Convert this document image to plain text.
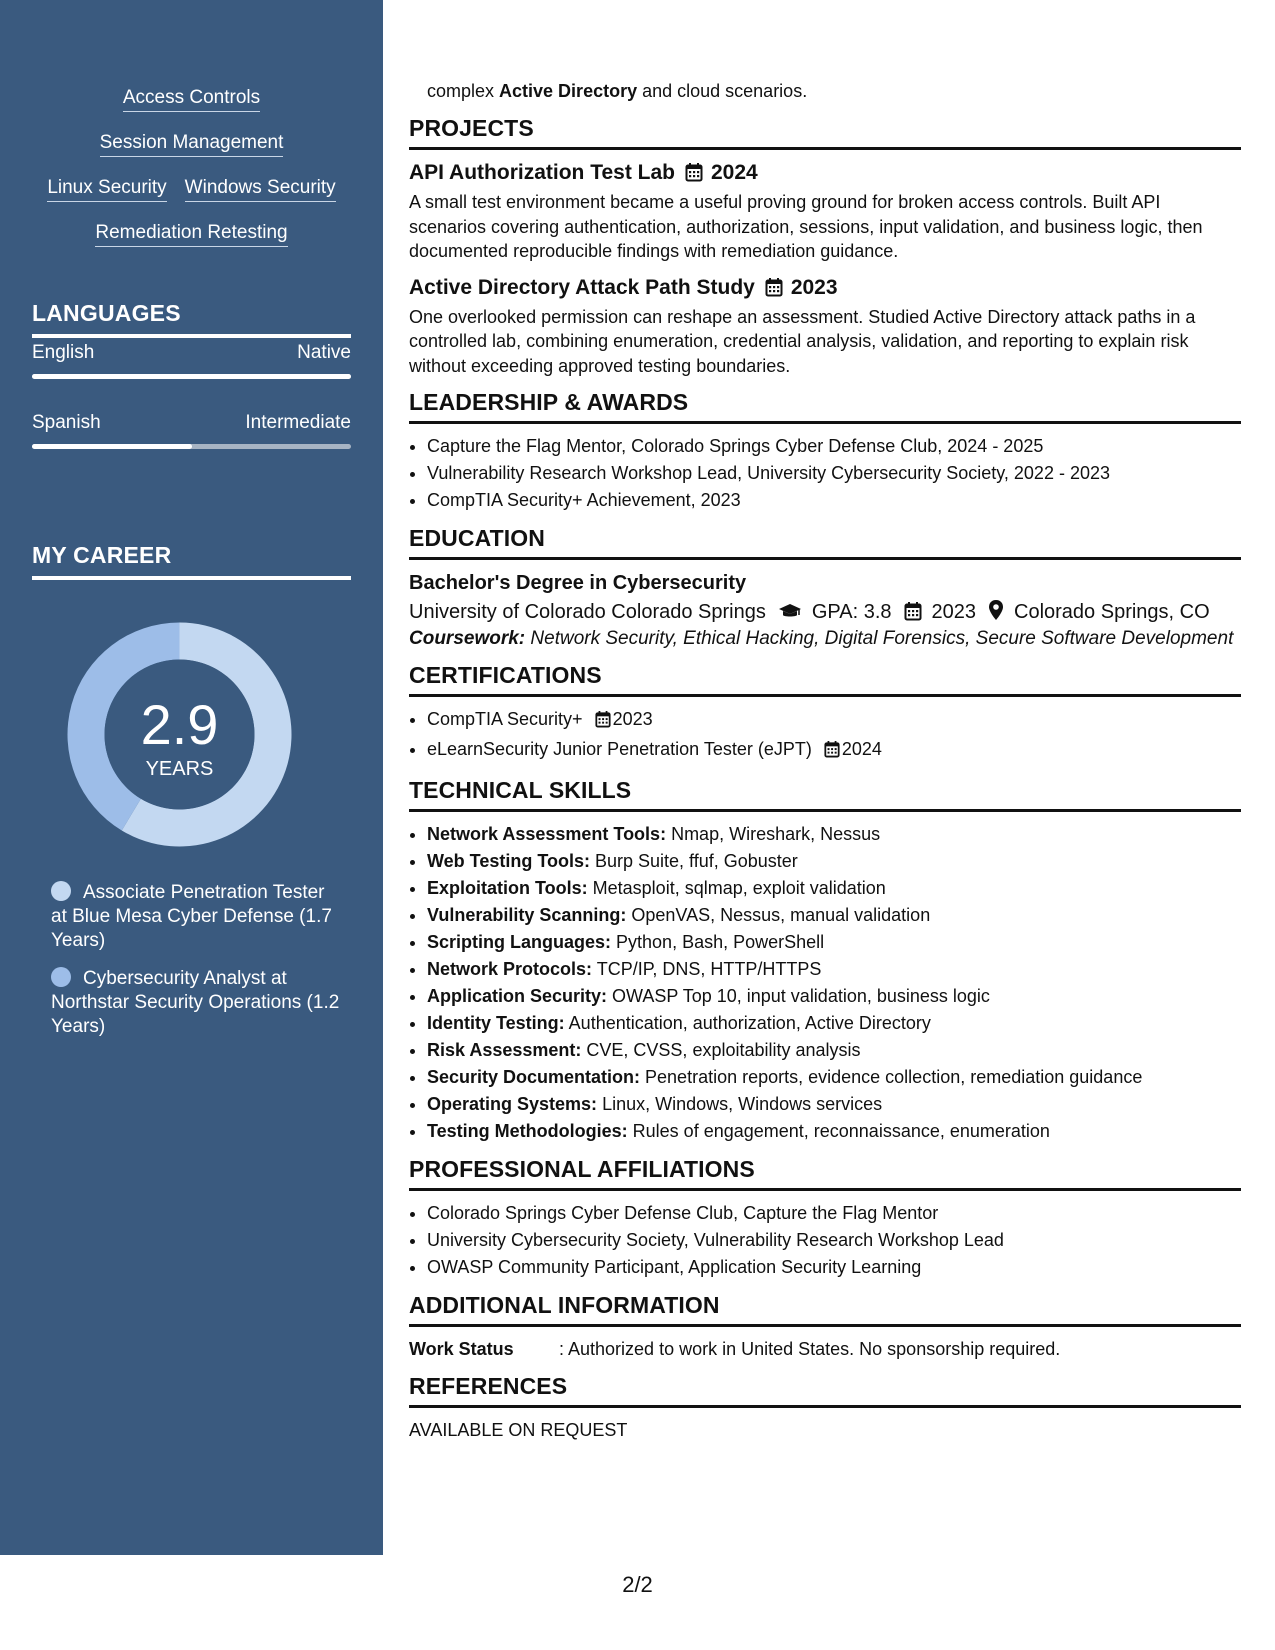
Access Controls
Session Management
Linux Security Windows Security
Remediation Retesting
LANGUAGES
English	Native
Spanish	Intermediate
MY CAREER
2.9
YEARS
Associate Penetration Tester at Blue Mesa Cyber Defense (1.7 Years)
Cybersecurity Analyst at Northstar Security Operations (1.2 Years)
complex Active Directory and cloud scenarios.
PROJECTS
API Authorization Test Lab 2024
A small test environment became a useful proving ground for broken access controls. Built API scenarios covering authentication, authorization, sessions, input validation, and business logic, then documented reproducible findings with remediation guidance.
Active Directory Attack Path Study 2023
One overlooked permission can reshape an assessment. Studied Active Directory attack paths in a controlled lab, combining enumeration, credential analysis, validation, and reporting to explain risk without exceeding approved testing boundaries.
LEADERSHIP & AWARDS
• Capture the Flag Mentor, Colorado Springs Cyber Defense Club, 2024 - 2025
• Vulnerability Research Workshop Lead, University Cybersecurity Society, 2022 - 2023
• CompTIA Security+ Achievement, 2023
EDUCATION
Bachelor's Degree in Cybersecurity
University of Colorado Colorado Springs GPA: 3.8 2023 Colorado Springs, CO
Coursework: Network Security, Ethical Hacking, Digital Forensics, Secure Software Development
CERTIFICATIONS
• CompTIA Security+ 2023
• eLearnSecurity Junior Penetration Tester (eJPT) 2024
TECHNICAL SKILLS
• Network Assessment Tools: Nmap, Wireshark, Nessus
• Web Testing Tools: Burp Suite, ffuf, Gobuster
• Exploitation Tools: Metasploit, sqlmap, exploit validation
• Vulnerability Scanning: OpenVAS, Nessus, manual validation
• Scripting Languages: Python, Bash, PowerShell
• Network Protocols: TCP/IP, DNS, HTTP/HTTPS
• Application Security: OWASP Top 10, input validation, business logic
• Identity Testing: Authentication, authorization, Active Directory
• Risk Assessment: CVE, CVSS, exploitability analysis
• Security Documentation: Penetration reports, evidence collection, remediation guidance
• Operating Systems: Linux, Windows, Windows services
• Testing Methodologies: Rules of engagement, reconnaissance, enumeration
PROFESSIONAL AFFILIATIONS
• Colorado Springs Cyber Defense Club, Capture the Flag Mentor
• University Cybersecurity Society, Vulnerability Research Workshop Lead
• OWASP Community Participant, Application Security Learning
ADDITIONAL INFORMATION
Work Status	: Authorized to work in United States. No sponsorship required.
REFERENCES
AVAILABLE ON REQUEST
2/2
